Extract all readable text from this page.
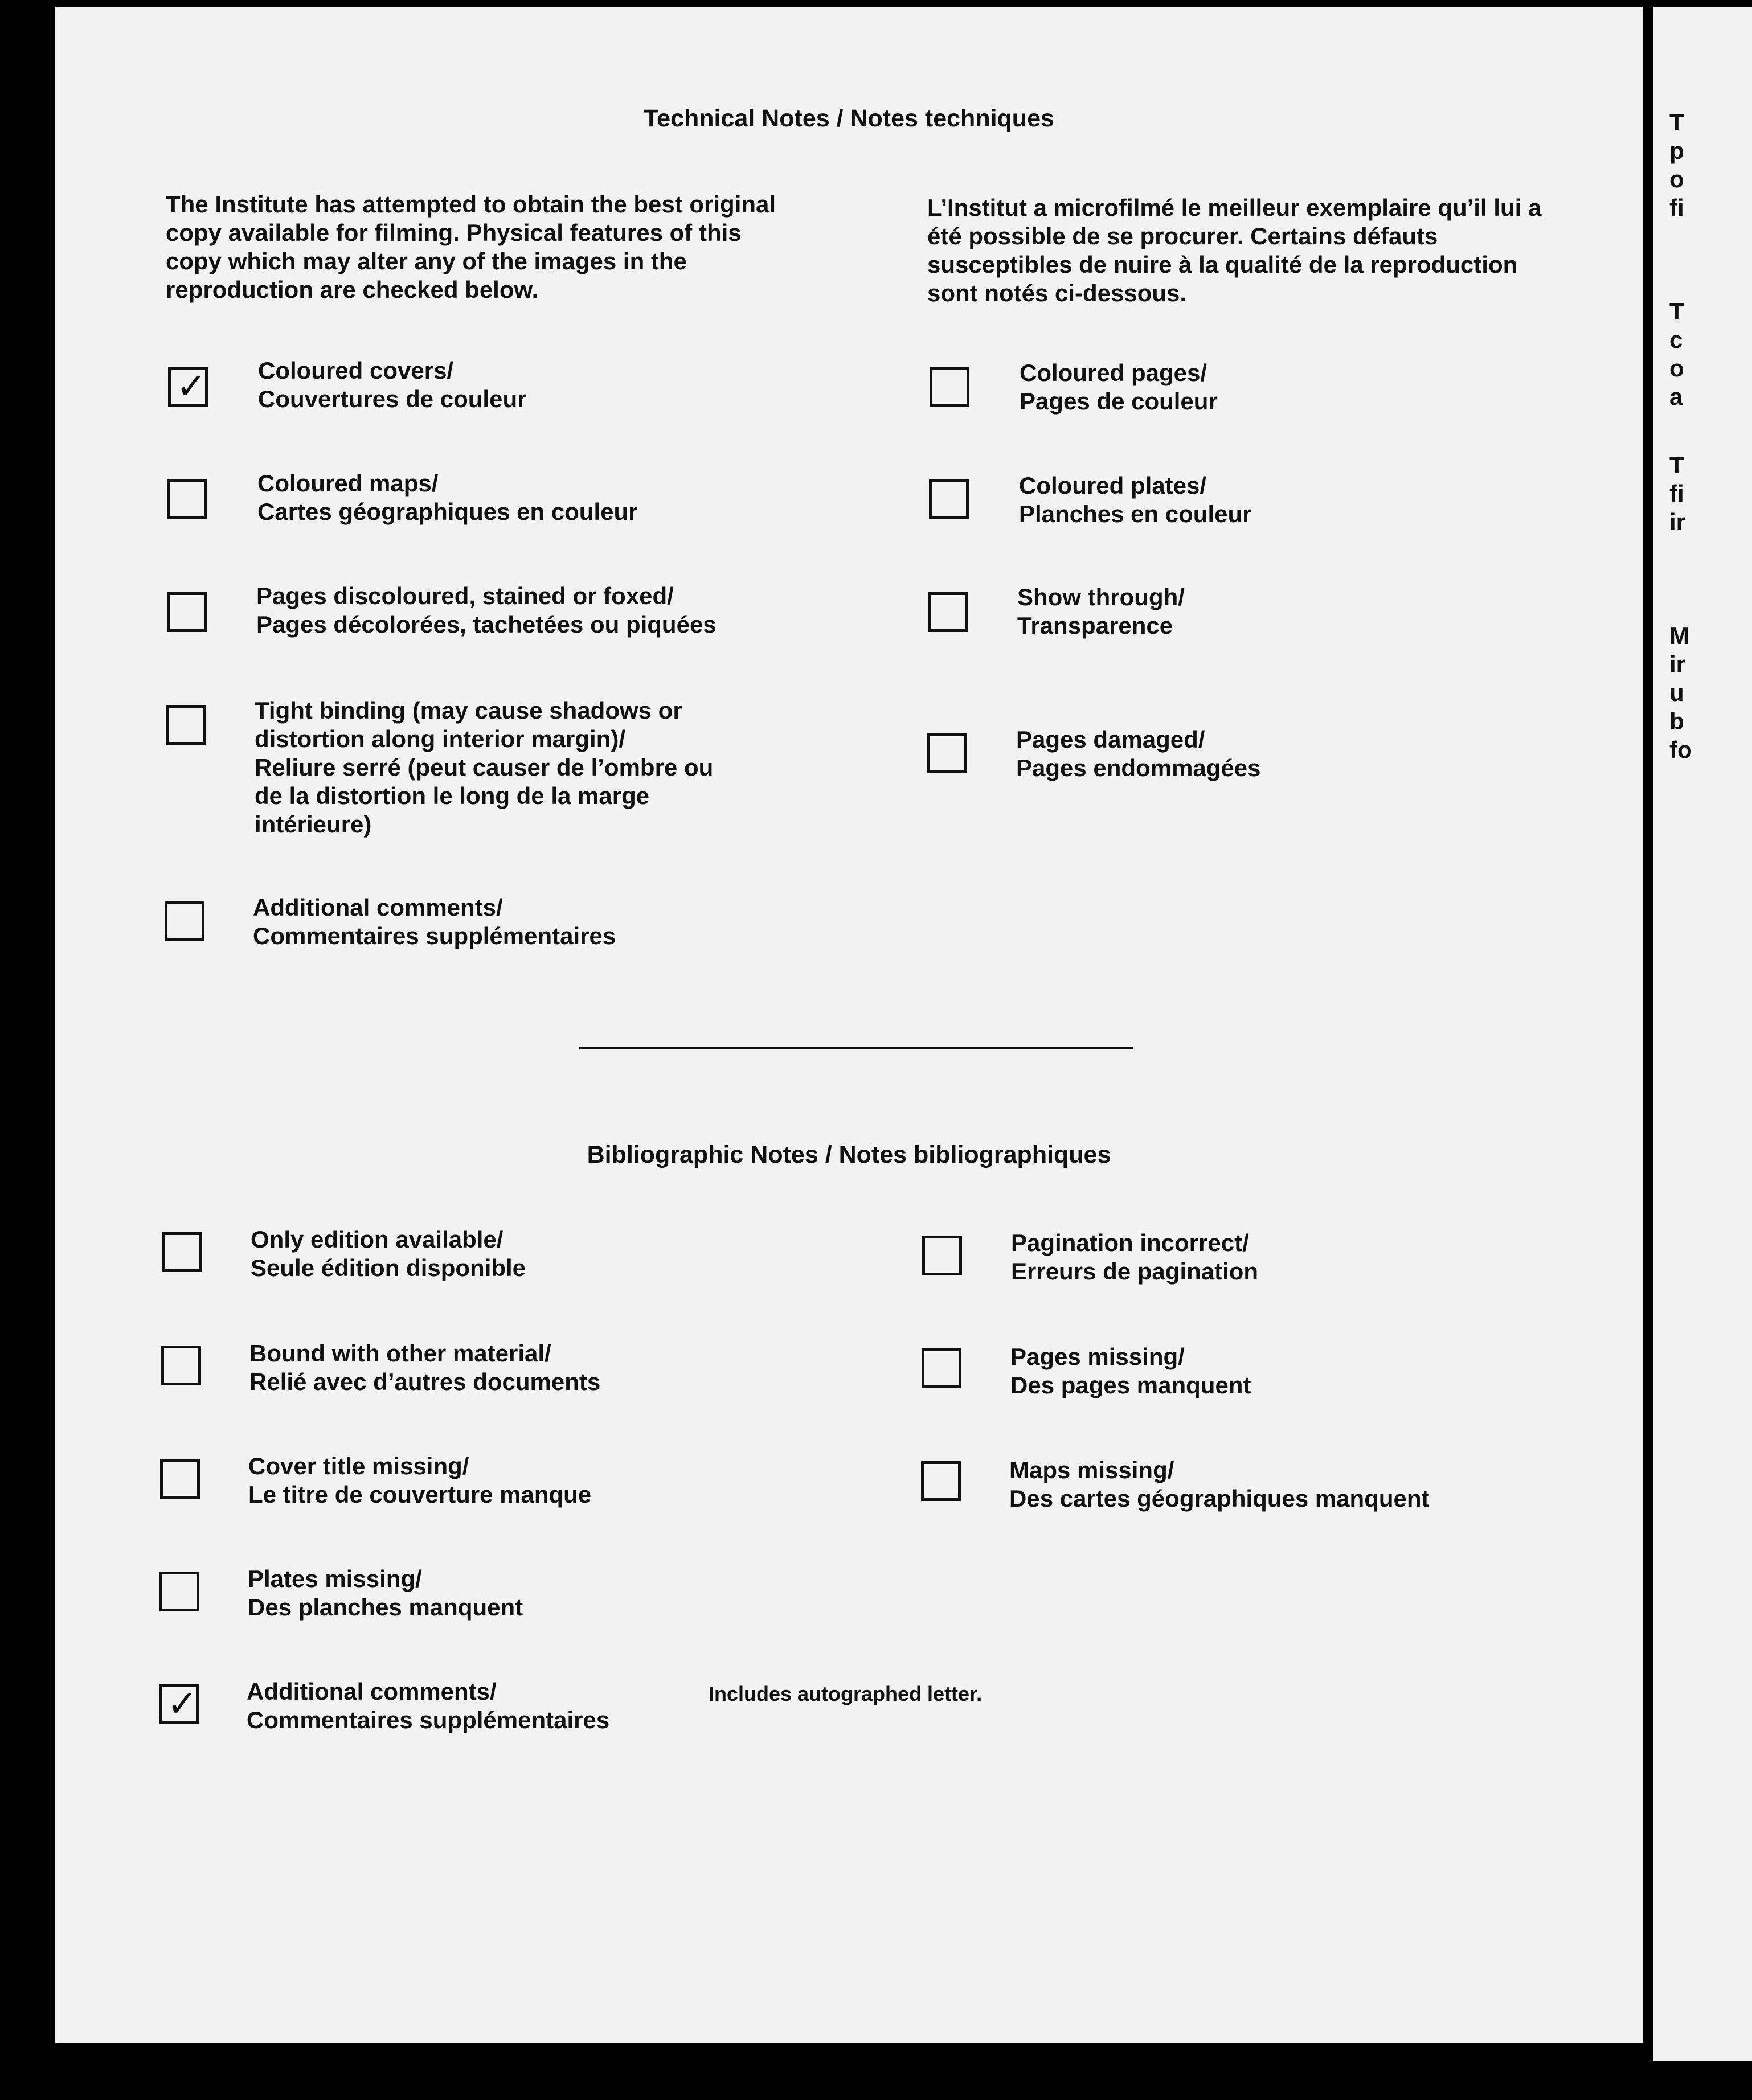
Technical Notes / Notes techniques
The Institute has attempted to obtain the best original copy available for filming. Physical features of this copy which may alter any of the images in the reproduction are checked below.
L’Institut a microfilmé le meilleur exemplaire qu’il lui a été possible de se procurer. Certains défauts susceptibles de nuire à la qualité de la reproduction sont notés ci-dessous.
✓ Coloured covers/
Couvertures de couleur
Coloured pages/
Pages de couleur
Coloured maps/
Cartes géographiques en couleur
Coloured plates/
Planches en couleur
Pages discoloured, stained or foxed/
Pages décolorées, tachetées ou piquées
Show through/
Transparence
Tight binding (may cause shadows or
distortion along interior margin)/
Reliure serré (peut causer de l’ombre ou
de la distortion le long de la marge
intérieure)
Pages damaged/
Pages endommagées
Additional comments/
Commentaires supplémentaires
Bibliographic Notes / Notes bibliographiques
Only edition available/
Seule édition disponible
Pagination incorrect/
Erreurs de pagination
Bound with other material/
Relié avec d’autres documents
Pages missing/
Des pages manquent
Cover title missing/
Le titre de couverture manque
Maps missing/
Des cartes géographiques manquent
Plates missing/
Des planches manquent
✓ Additional comments/
Commentaires supplémentaires
Includes autographed letter.
T
p
o
fi
T
c
o
a
T
fi
ir
M
ir
u
b
fo
